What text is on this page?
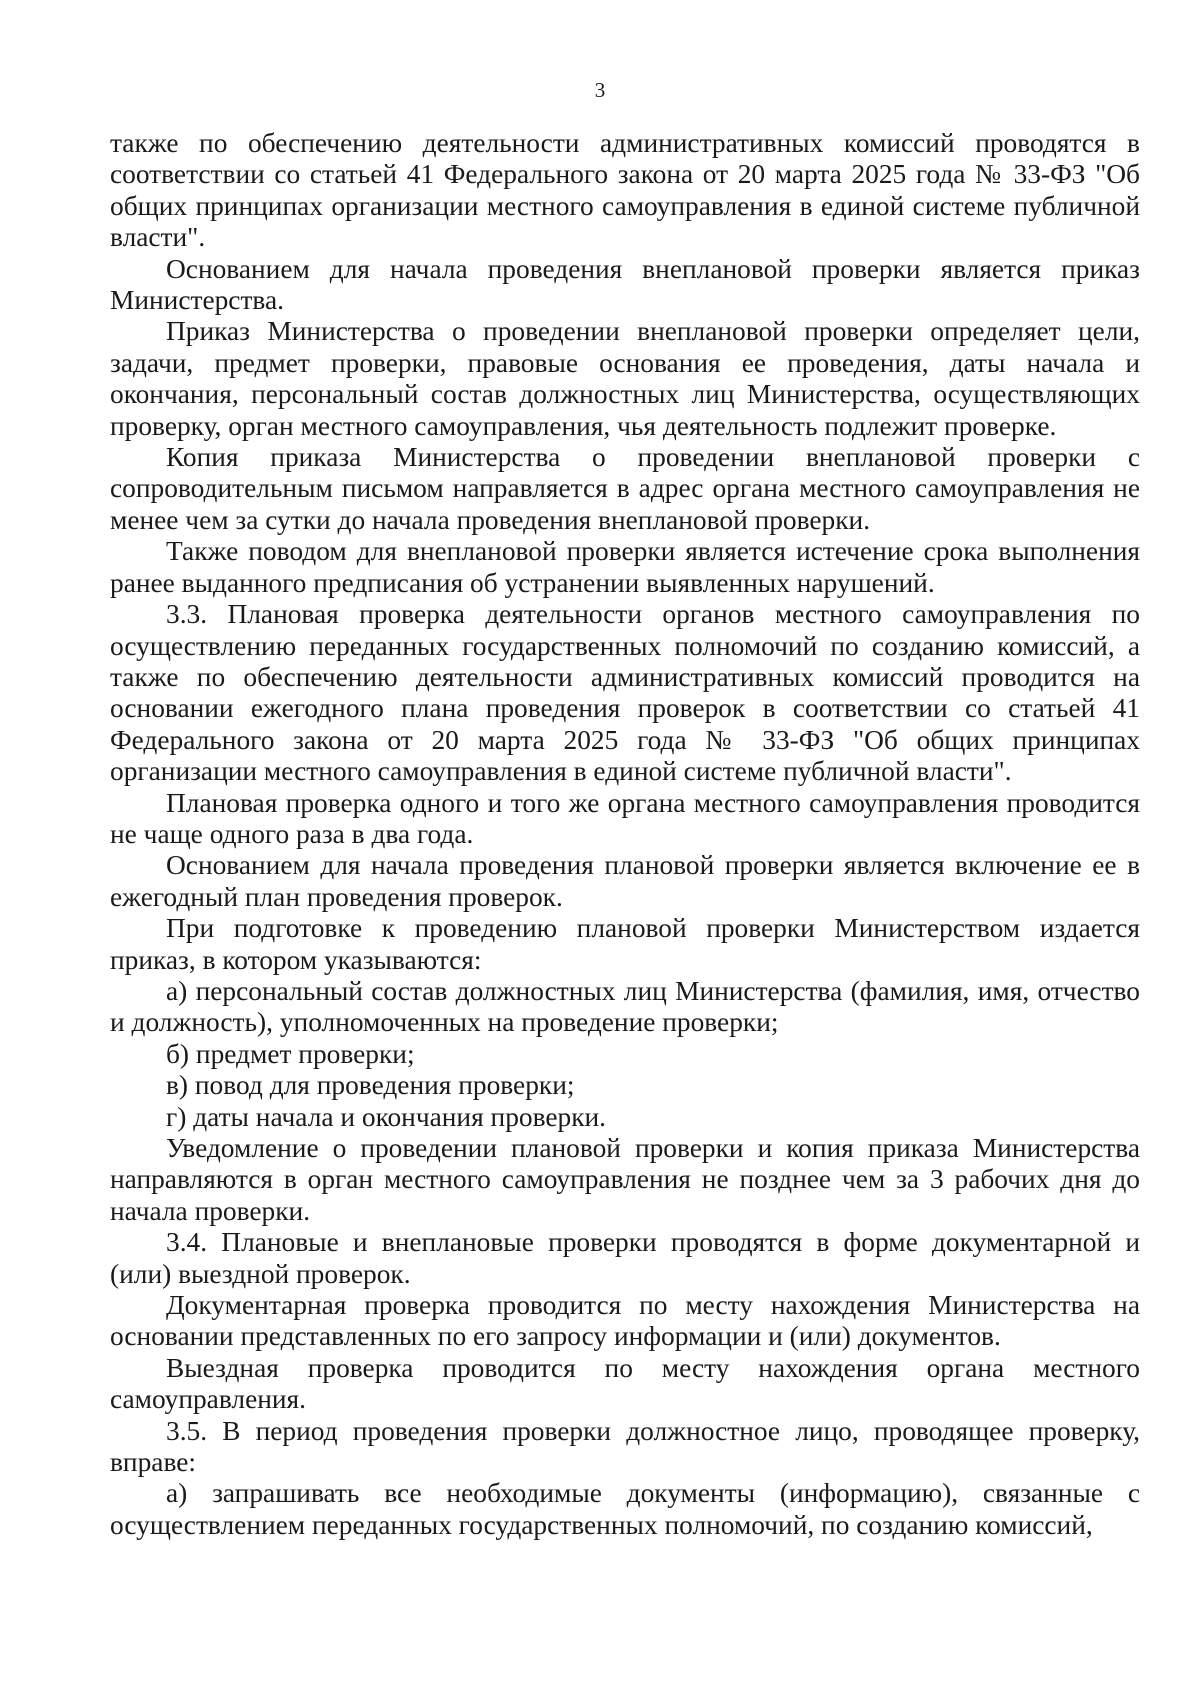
3

также по обеспечению деятельности административных комиссий проводятся в соответствии со статьей 41 Федерального закона от 20 марта 2025 года № 33-ФЗ "Об общих принципах организации местного самоуправления в единой системе публичной власти".

Основанием для начала проведения внеплановой проверки является приказ Министерства.

Приказ Министерства о проведении внеплановой проверки определяет цели, задачи, предмет проверки, правовые основания ее проведения, даты начала и окончания, персональный состав должностных лиц Министерства, осуществляющих проверку, орган местного самоуправления, чья деятельность подлежит проверке.

Копия приказа Министерства о проведении внеплановой проверки с сопроводительным письмом направляется в адрес органа местного самоуправления не менее чем за сутки до начала проведения внеплановой проверки.

Также поводом для внеплановой проверки является истечение срока выполнения ранее выданного предписания об устранении выявленных нарушений.

3.3. Плановая проверка деятельности органов местного самоуправления по осуществлению переданных государственных полномочий по созданию комиссий, а также по обеспечению деятельности административных комиссий проводится на основании ежегодного плана проведения проверок в соответствии со статьей 41 Федерального закона от 20 марта 2025 года № 33-ФЗ "Об общих принципах организации местного самоуправления в единой системе публичной власти".

Плановая проверка одного и того же органа местного самоуправления проводится не чаще одного раза в два года.

Основанием для начала проведения плановой проверки является включение ее в ежегодный план проведения проверок.

При подготовке к проведению плановой проверки Министерством издается приказ, в котором указываются:

а) персональный состав должностных лиц Министерства (фамилия, имя, отчество и должность), уполномоченных на проведение проверки;

б) предмет проверки;

в) повод для проведения проверки;

г) даты начала и окончания проверки.

Уведомление о проведении плановой проверки и копия приказа Министерства направляются в орган местного самоуправления не позднее чем за 3 рабочих дня до начала проверки.

3.4. Плановые и внеплановые проверки проводятся в форме документарной и (или) выездной проверок.

Документарная проверка проводится по месту нахождения Министерства на основании представленных по его запросу информации и (или) документов.

Выездная проверка проводится по месту нахождения органа местного самоуправления.

3.5. В период проведения проверки должностное лицо, проводящее проверку, вправе:

а) запрашивать все необходимые документы (информацию), связанные с осуществлением переданных государственных полномочий, по созданию комиссий,
